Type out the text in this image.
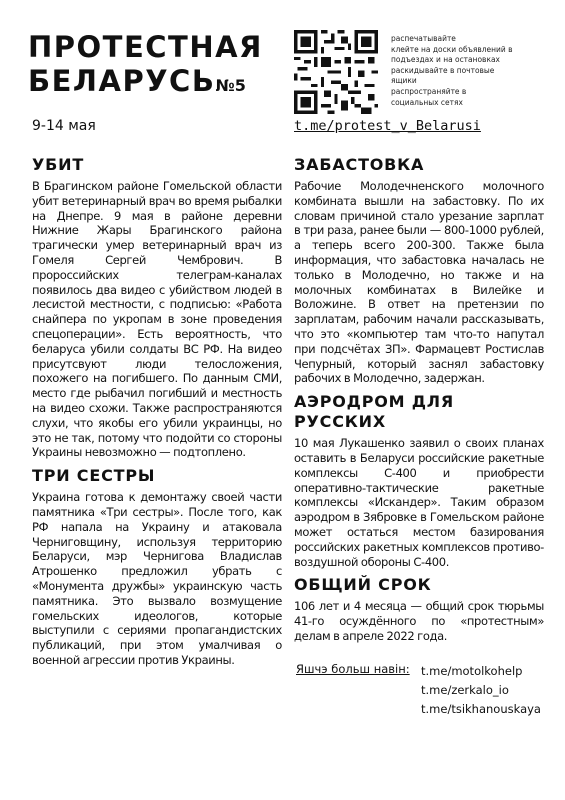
ПРОТЕСТНАЯ
БЕЛАРУСЬ№5
9-14 мая
распечатывайте
клейте на доски объявлений в
подъездах и на остановках
раскидывайте в почтовые
ящики
распространяйте в
социальных сетях
t.me/protest_v_Belarusi
УБИТ
В Брагинском районе Гомельской области убит ветеринарный врач во время рыбалки на Днепре. 9 мая в районе деревни Нижние Жары Брагинского района трагически умер ветеринарный врач из Гомеля Сергей Чембрович. В пророссийских телеграм-каналах появилось два видео с убийством людей в лесистой местности, с подписью: «Работа снайпера по укропам в зоне проведения спецоперации». Есть вероятность, что беларуса убили солдаты ВС РФ. На видео присутсвуют люди телосложения, похожего на погибшего. По данным СМИ, место где рыбачил погибший и местность на видео схожи. Также распространяются слухи, что якобы его убили украинцы, но это не так, потому что подойти со стороны Украины невозможно — подтоплено.
ТРИ СЕСТРЫ
Украина готова к демонтажу своей части памятника «Три сестры». После того, как РФ напала на Украину и атаковала Черниговщину, используя территорию Беларуси, мэр Чернигова Владислав Атрошенко предложил убрать с «Монумента дружбы» украинскую часть памятника. Это вызвало возмущение гомельских идеологов, которые выступили с сериями пропагандистских публикаций, при этом умалчивая о военной агрессии против Украины.
ЗАБАСТОВКА
Рабочие Молодечненского молочного комбината вышли на забастовку. По их словам причиной стало урезание зарплат в три раза, ранее были — 800-1000 рублей, а теперь всего 200-300. Также была информация, что забастовка началась не только в Молодечно, но также и на молочных комбинатах в Вилейке и Воложине. В ответ на претензии по зарплатам, рабочим начали рассказывать, что это «компьютер там что-то напутал при подсчётах ЗП». Фармацевт Ростислав Чепурный, который заснял забастовку рабочих в Молодечно, задержан.
АЭРОДРОМ ДЛЯ РУССКИХ
10 мая Лукашенко заявил о своих планах оставить в Беларуси российские ракетные комплексы С-400 и приобрести оперативно-тактические ракетные комплексы «Искандер». Таким образом аэродром в Зябровке в Гомельском районе может остаться местом базирования российских ракетных комплексов противо-воздушной обороны С-400.
ОБЩИЙ СРОК
106 лет и 4 месяца — общий срок тюрьмы 41-го осуждённого по «протестным» делам в апреле 2022 года.
Яшчэ больш навін: t.me/motolkohelp
t.me/zerkalo_io
t.me/tsikhanouskaya
